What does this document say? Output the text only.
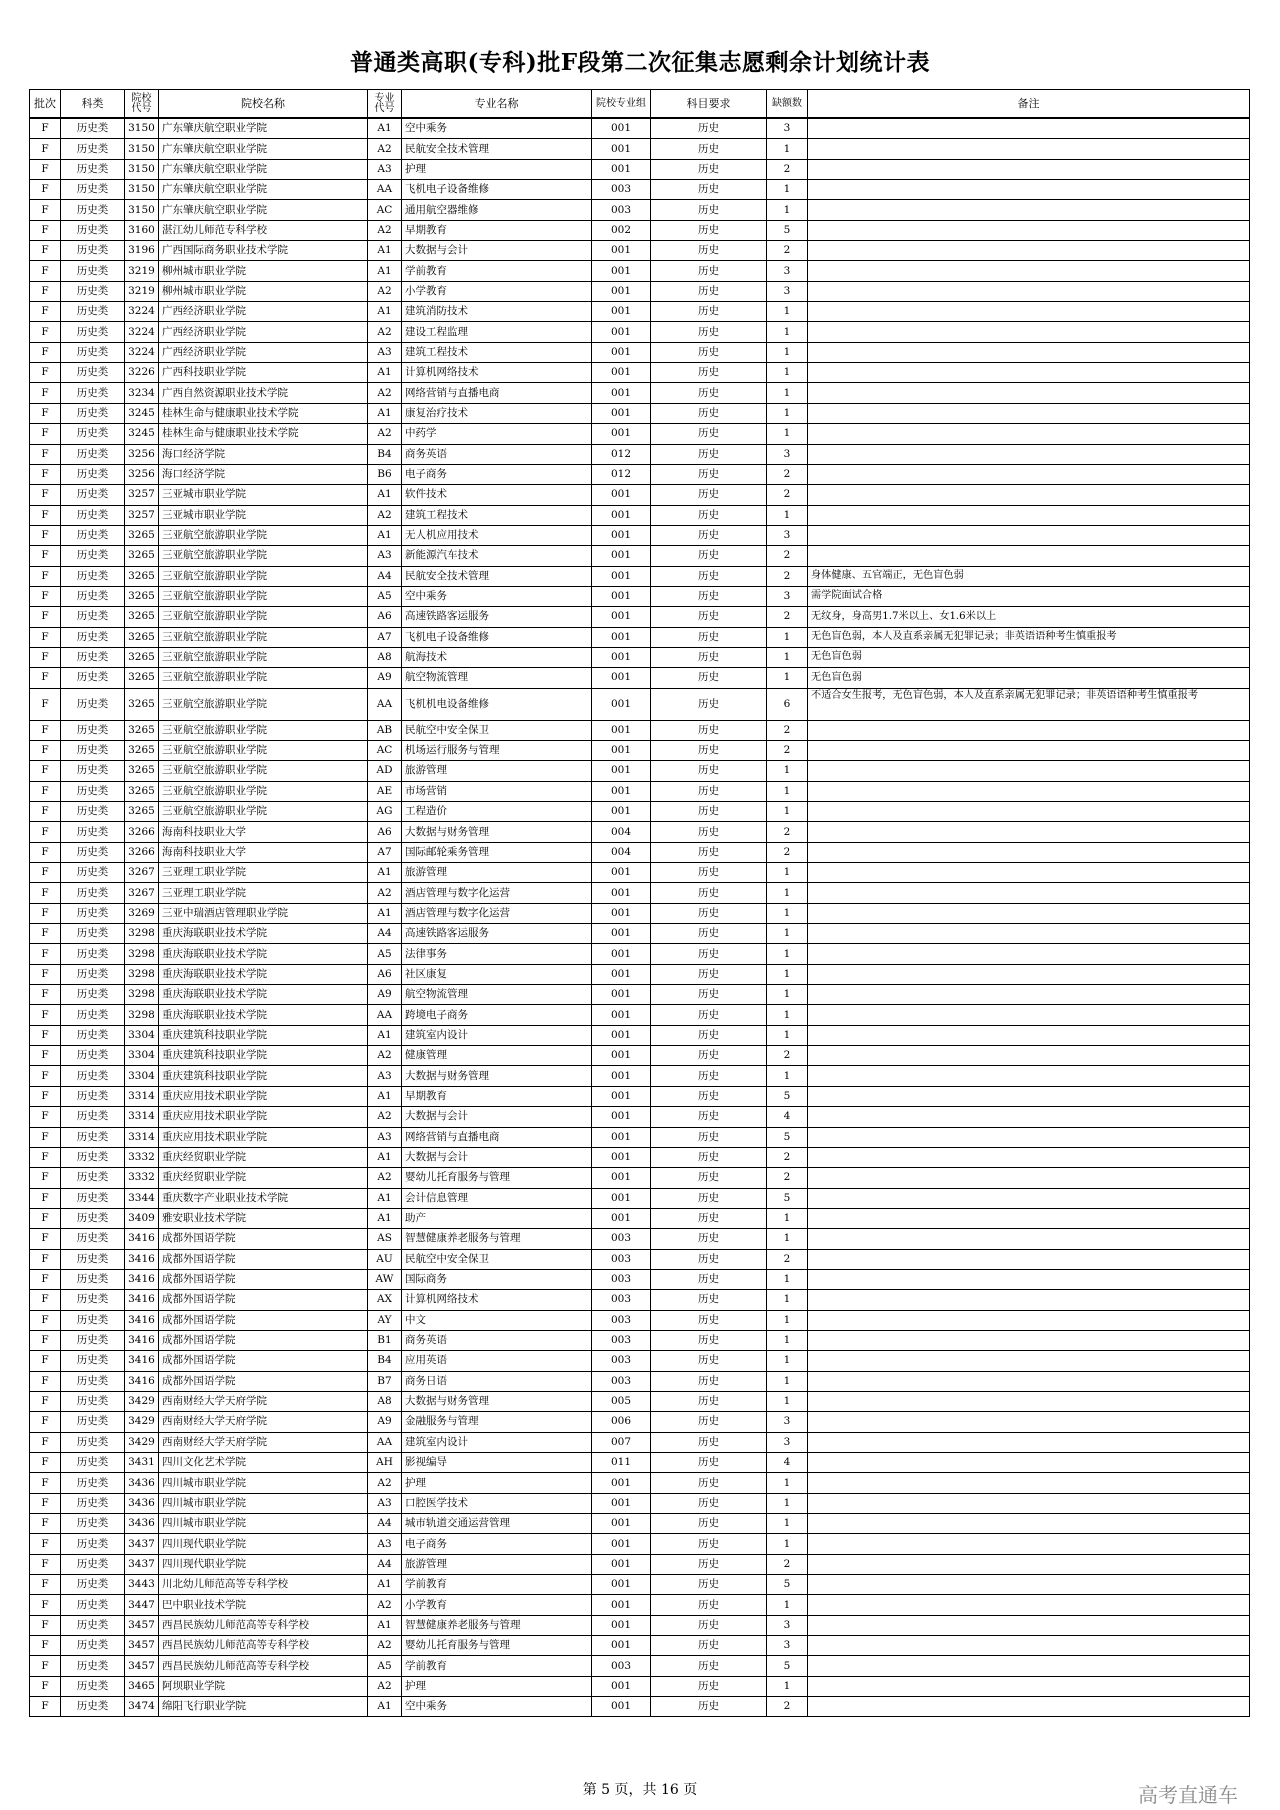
普通类高职(专科)批F段第二次征集志愿剩余计划统计表
批次	科类	院校代号	院校名称	专业代号	专业名称	院校专业组	科目要求	缺额数	备注
F	历史类	3150	广东肇庆航空职业学院	A1	空中乘务	001	历史	3	
F	历史类	3150	广东肇庆航空职业学院	A2	民航安全技术管理	001	历史	1	
F	历史类	3150	广东肇庆航空职业学院	A3	护理	001	历史	2	
F	历史类	3150	广东肇庆航空职业学院	AA	飞机电子设备维修	003	历史	1	
F	历史类	3150	广东肇庆航空职业学院	AC	通用航空器维修	003	历史	1	
F	历史类	3160	湛江幼儿师范专科学校	A2	早期教育	002	历史	5	
F	历史类	3196	广西国际商务职业技术学院	A1	大数据与会计	001	历史	2	
F	历史类	3219	柳州城市职业学院	A1	学前教育	001	历史	3	
F	历史类	3219	柳州城市职业学院	A2	小学教育	001	历史	3	
F	历史类	3224	广西经济职业学院	A1	建筑消防技术	001	历史	1	
F	历史类	3224	广西经济职业学院	A2	建设工程监理	001	历史	1	
F	历史类	3224	广西经济职业学院	A3	建筑工程技术	001	历史	1	
F	历史类	3226	广西科技职业学院	A1	计算机网络技术	001	历史	1	
F	历史类	3234	广西自然资源职业技术学院	A2	网络营销与直播电商	001	历史	1	
F	历史类	3245	桂林生命与健康职业技术学院	A1	康复治疗技术	001	历史	1	
F	历史类	3245	桂林生命与健康职业技术学院	A2	中药学	001	历史	1	
F	历史类	3256	海口经济学院	B4	商务英语	012	历史	3	
F	历史类	3256	海口经济学院	B6	电子商务	012	历史	2	
F	历史类	3257	三亚城市职业学院	A1	软件技术	001	历史	2	
F	历史类	3257	三亚城市职业学院	A2	建筑工程技术	001	历史	1	
F	历史类	3265	三亚航空旅游职业学院	A1	无人机应用技术	001	历史	3	
F	历史类	3265	三亚航空旅游职业学院	A3	新能源汽车技术	001	历史	2	
F	历史类	3265	三亚航空旅游职业学院	A4	民航安全技术管理	001	历史	2	身体健康、五官端正，无色盲色弱
F	历史类	3265	三亚航空旅游职业学院	A5	空中乘务	001	历史	3	需学院面试合格
F	历史类	3265	三亚航空旅游职业学院	A6	高速铁路客运服务	001	历史	2	无纹身，身高男1.7米以上、女1.6米以上
F	历史类	3265	三亚航空旅游职业学院	A7	飞机电子设备维修	001	历史	1	无色盲色弱，本人及直系亲属无犯罪记录；非英语语种考生慎重报考
F	历史类	3265	三亚航空旅游职业学院	A8	航海技术	001	历史	1	无色盲色弱
F	历史类	3265	三亚航空旅游职业学院	A9	航空物流管理	001	历史	1	无色盲色弱
F	历史类	3265	三亚航空旅游职业学院	AA	飞机机电设备维修	001	历史	6	不适合女生报考，无色盲色弱，本人及直系亲属无犯罪记录；非英语语种考生慎重报考
F	历史类	3265	三亚航空旅游职业学院	AB	民航空中安全保卫	001	历史	2	
F	历史类	3265	三亚航空旅游职业学院	AC	机场运行服务与管理	001	历史	2	
F	历史类	3265	三亚航空旅游职业学院	AD	旅游管理	001	历史	1	
F	历史类	3265	三亚航空旅游职业学院	AE	市场营销	001	历史	1	
F	历史类	3265	三亚航空旅游职业学院	AG	工程造价	001	历史	1	
F	历史类	3266	海南科技职业大学	A6	大数据与财务管理	004	历史	2	
F	历史类	3266	海南科技职业大学	A7	国际邮轮乘务管理	004	历史	2	
F	历史类	3267	三亚理工职业学院	A1	旅游管理	001	历史	1	
F	历史类	3267	三亚理工职业学院	A2	酒店管理与数字化运营	001	历史	1	
F	历史类	3269	三亚中瑞酒店管理职业学院	A1	酒店管理与数字化运营	001	历史	1	
F	历史类	3298	重庆海联职业技术学院	A4	高速铁路客运服务	001	历史	1	
F	历史类	3298	重庆海联职业技术学院	A5	法律事务	001	历史	1	
F	历史类	3298	重庆海联职业技术学院	A6	社区康复	001	历史	1	
F	历史类	3298	重庆海联职业技术学院	A9	航空物流管理	001	历史	1	
F	历史类	3298	重庆海联职业技术学院	AA	跨境电子商务	001	历史	1	
F	历史类	3304	重庆建筑科技职业学院	A1	建筑室内设计	001	历史	1	
F	历史类	3304	重庆建筑科技职业学院	A2	健康管理	001	历史	2	
F	历史类	3304	重庆建筑科技职业学院	A3	大数据与财务管理	001	历史	1	
F	历史类	3314	重庆应用技术职业学院	A1	早期教育	001	历史	5	
F	历史类	3314	重庆应用技术职业学院	A2	大数据与会计	001	历史	4	
F	历史类	3314	重庆应用技术职业学院	A3	网络营销与直播电商	001	历史	5	
F	历史类	3332	重庆经贸职业学院	A1	大数据与会计	001	历史	2	
F	历史类	3332	重庆经贸职业学院	A2	婴幼儿托育服务与管理	001	历史	2	
F	历史类	3344	重庆数字产业职业技术学院	A1	会计信息管理	001	历史	5	
F	历史类	3409	雅安职业技术学院	A1	助产	001	历史	1	
F	历史类	3416	成都外国语学院	AS	智慧健康养老服务与管理	003	历史	1	
F	历史类	3416	成都外国语学院	AU	民航空中安全保卫	003	历史	2	
F	历史类	3416	成都外国语学院	AW	国际商务	003	历史	1	
F	历史类	3416	成都外国语学院	AX	计算机网络技术	003	历史	1	
F	历史类	3416	成都外国语学院	AY	中文	003	历史	1	
F	历史类	3416	成都外国语学院	B1	商务英语	003	历史	1	
F	历史类	3416	成都外国语学院	B4	应用英语	003	历史	1	
F	历史类	3416	成都外国语学院	B7	商务日语	003	历史	1	
F	历史类	3429	西南财经大学天府学院	A8	大数据与财务管理	005	历史	1	
F	历史类	3429	西南财经大学天府学院	A9	金融服务与管理	006	历史	3	
F	历史类	3429	西南财经大学天府学院	AA	建筑室内设计	007	历史	3	
F	历史类	3431	四川文化艺术学院	AH	影视编导	011	历史	4	
F	历史类	3436	四川城市职业学院	A2	护理	001	历史	1	
F	历史类	3436	四川城市职业学院	A3	口腔医学技术	001	历史	1	
F	历史类	3436	四川城市职业学院	A4	城市轨道交通运营管理	001	历史	1	
F	历史类	3437	四川现代职业学院	A3	电子商务	001	历史	1	
F	历史类	3437	四川现代职业学院	A4	旅游管理	001	历史	2	
F	历史类	3443	川北幼儿师范高等专科学校	A1	学前教育	001	历史	5	
F	历史类	3447	巴中职业技术学院	A2	小学教育	001	历史	1	
F	历史类	3457	西昌民族幼儿师范高等专科学校	A1	智慧健康养老服务与管理	001	历史	3	
F	历史类	3457	西昌民族幼儿师范高等专科学校	A2	婴幼儿托育服务与管理	001	历史	3	
F	历史类	3457	西昌民族幼儿师范高等专科学校	A5	学前教育	003	历史	5	
F	历史类	3465	阿坝职业学院	A2	护理	001	历史	1	
F	历史类	3474	绵阳飞行职业学院	A1	空中乘务	001	历史	2	
第 5 页，共 16 页	高考直通车
